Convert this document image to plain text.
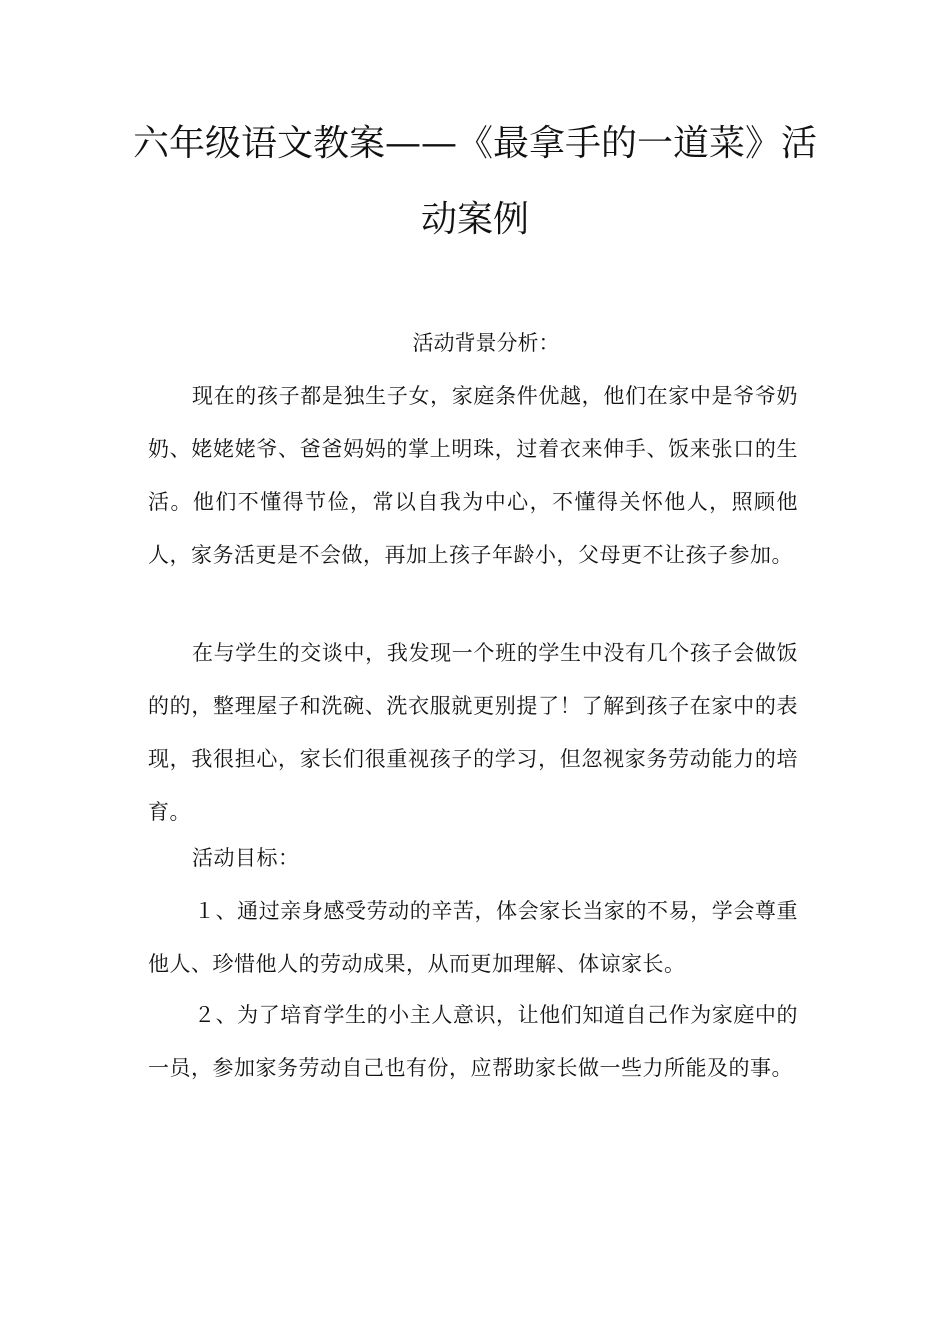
六年级语文教案——《最拿手的一道菜》活
动案例
活动背景分析：

现在的孩子都是独生子女，家庭条件优越，他们在家中是爷爷奶奶、姥姥姥爷、爸爸妈妈的掌上明珠，过着衣来伸手、饭来张口的生活。他们不懂得节俭，常以自我为中心，不懂得关怀他人，照顾他人，家务活更是不会做，再加上孩子年龄小，父母更不让孩子参加。

在与学生的交谈中，我发现一个班的学生中没有几个孩子会做饭的的，整理屋子和洗碗、洗衣服就更别提了！了解到孩子在家中的表现，我很担心，家长们很重视孩子的学习，但忽视家务劳动能力的培育。

活动目标：

１、通过亲身感受劳动的辛苦，体会家长当家的不易，学会尊重他人、珍惜他人的劳动成果，从而更加理解、体谅家长。

２、为了培育学生的小主人意识，让他们知道自己作为家庭中的一员，参加家务劳动自己也有份，应帮助家长做一些力所能及的事。
